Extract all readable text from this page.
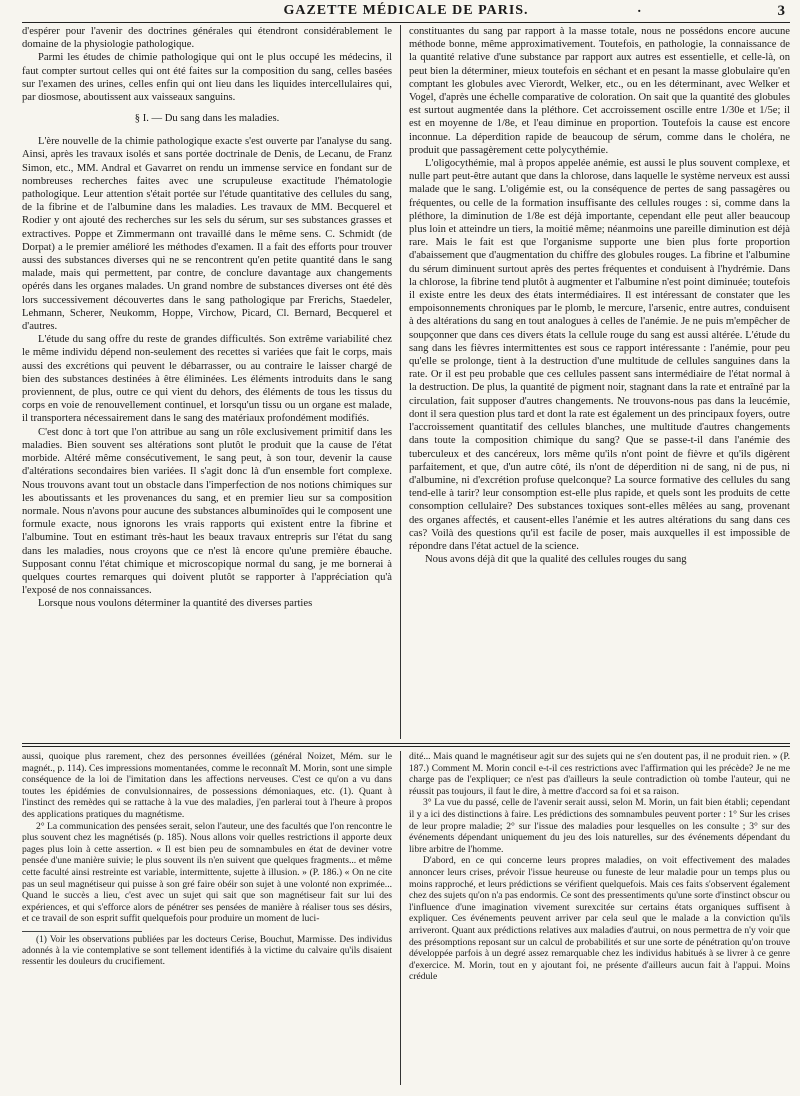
GAZETTE MÉDICALE DE PARIS.	.	3

d'espérer pour l'avenir des doctrines générales qui étendront considérablement le domaine de la physiologie pathologique.

Parmi les études de chimie pathologique qui ont le plus occupé les médecins, il faut compter surtout celles qui ont été faites sur la composition du sang, celles basées sur l'examen des urines, celles enfin qui ont lieu dans les liquides intercellulaires qui, par diosmose, aboutissent aux vaisseaux sanguins.

§ I. — Du sang dans les maladies.

L'ère nouvelle de la chimie pathologique exacte s'est ouverte par l'analyse du sang. Ainsi, après les travaux isolés et sans portée doctrinale de Denis, de Lecanu, de Franz Simon, etc., MM. Andral et Gavarret on rendu un immense service en fondant sur de nombreuses recherches faites avec une scrupuleuse exactitude l'hématologie pathologique. Leur attention s'était portée sur l'étude quantitative des cellules du sang, de la fibrine et de l'albumine dans les maladies. Les travaux de MM. Becquerel et Rodier y ont ajouté des recherches sur les sels du sérum, sur ses substances grasses et extractives. Poppe et Zimmermann ont travaillé dans le même sens. C. Schmidt (de Dorpat) a le premier amélioré les méthodes d'examen. Il a fait des efforts pour trouver aussi des substances diverses qui ne se rencontrent qu'en petite quantité dans le sang malade, mais qui permettent, par contre, de conclure davantage aux changements opérés dans les organes malades. Un grand nombre de substances diverses ont été dès lors successivement découvertes dans le sang pathologique par Frerichs, Staedeler, Lehmann, Scherer, Neukomm, Hoppe, Virchow, Picard, Cl. Bernard, Becquerel et d'autres.

L'étude du sang offre du reste de grandes difficultés. Son extrême variabilité chez le même individu dépend non-seulement des recettes si variées que fait le corps, mais aussi des excrétions qui peuvent le débarrasser, ou au contraire le laisser chargé de bien des substances destinées à être éliminées. Les éléments introduits dans le sang proviennent, de plus, outre ce qui vient du dehors, des éléments de tous les tissus du corps en voie de renouvellement continuel, et lorsqu'un tissu ou un organe est malade, il transportera nécessairement dans le sang des matériaux profondément modifiés.

C'est donc à tort que l'on attribue au sang un rôle exclusivement primitif dans les maladies. Bien souvent ses altérations sont plutôt le produit que la cause de l'état morbide. Altéré même consécutivement, le sang peut, à son tour, devenir la cause d'altérations secondaires bien variées. Il s'agit donc là d'un ensemble fort complexe. Nous trouvons avant tout un obstacle dans l'imperfection de nos notions chimiques sur les aboutissants et les provenances du sang, et en premier lieu sur sa composition normale. Nous n'avons pour aucune des substances albuminoïdes qui le composent une formule exacte, nous ignorons les vrais rapports qui existent entre la fibrine et l'albumine. Tout en estimant très-haut les beaux travaux entrepris sur l'état du sang dans les maladies, nous croyons que ce n'est là encore qu'une première ébauche. Supposant connu l'état chimique et microscopique normal du sang, je me bornerai à quelques courtes remarques qui doivent plutôt se rapporter à l'appréciation qu'à l'exposé de nos connaissances.

Lorsque nous voulons déterminer la quantité des diverses parties

constituantes du sang par rapport à la masse totale, nous ne possédons encore aucune méthode bonne, même approximativement. Toutefois, en pathologie, la connaissance de la quantité relative d'une substance par rapport aux autres est essentielle, et celle-là, on peut bien la déterminer, mieux toutefois en séchant et en pesant la masse globulaire qu'en comptant les globules avec Vierordt, Welker, etc., ou en les déterminant, avec Welker et Vogel, d'après une échelle comparative de coloration. On sait que la quantité des globules est surtout augmentée dans la pléthore. Cet accroissement oscille entre 1/30e et 1/5e; il est en moyenne de 1/8e, et l'eau diminue en proportion. Toutefois la cause est encore inconnue. La déperdition rapide de beaucoup de sérum, comme dans le choléra, ne produit que passagèrement cette polycythémie.

L'oligocythémie, mal à propos appelée anémie, est aussi le plus souvent complexe, et nulle part peut-être autant que dans la chlorose, dans laquelle le système nerveux est aussi malade que le sang. L'oligémie est, ou la conséquence de pertes de sang passagères ou fréquentes, ou celle de la formation insuffisante des cellules rouges : si, comme dans la pléthore, la diminution de 1/8e est déjà importante, cependant elle peut aller beaucoup plus loin et atteindre un tiers, la moitié même; néanmoins une pareille diminution est déjà rare. Mais le fait est que l'organisme supporte une bien plus forte proportion d'abaissement que d'augmentation du chiffre des globules rouges. La fibrine et l'albumine du sérum diminuent surtout après des pertes fréquentes et conduisent à l'hydrémie. Dans la chlorose, la fibrine tend plutôt à augmenter et l'albumine n'est point diminuée; toutefois il existe entre les deux des états intermédiaires. Il est intéressant de constater que les empoisonnements chroniques par le plomb, le mercure, l'arsenic, entre autres, conduisent à des altérations du sang en tout analogues à celles de l'anémie. Je ne puis m'empêcher de soupçonner que dans ces divers états la cellule rouge du sang est aussi altérée. L'étude du sang dans les fièvres intermittentes est sous ce rapport intéressante : l'anémie, pour peu qu'elle se prolonge, tient à la destruction d'une multitude de cellules sanguines dans la rate. Or il est peu probable que ces cellules passent sans intermédiaire de l'état normal à la destruction. De plus, la quantité de pigment noir, stagnant dans la rate et entraîné par la circulation, fait supposer d'autres changements. Ne trouvons-nous pas dans la leucémie, dont il sera question plus tard et dont la rate est également un des principaux foyers, outre l'accroissement quantitatif des cellules blanches, une multitude d'autres changements dans toute la composition chimique du sang? Que se passe-t-il dans l'anémie des tuberculeux et des cancéreux, lors même qu'ils n'ont point de fièvre et qu'ils digèrent parfaitement, et que, d'un autre côté, ils n'ont de déperdition ni de sang, ni de pus, ni d'albumine, ni d'excrétion profuse quelconque? La source formative des cellules du sang tend-elle à tarir? leur consomption est-elle plus rapide, et quels sont les produits de cette consomption cellulaire? Des substances toxiques sont-elles mêlées au sang, provenant des organes affectés, et causent-elles l'anémie et les autres altérations du sang dans ces cas? Voilà des questions qu'il est facile de poser, mais auxquelles il est impossible de répondre dans l'état actuel de la science.

Nous avons déjà dit que la qualité des cellules rouges du sang

aussi, quoique plus rarement, chez des personnes éveillées (général Noizet, Mém. sur le magnét., p. 114). Ces impressions momentanées, comme le reconnaît M. Morin, sont une simple conséquence de la loi de l'imitation dans les affections nerveuses. C'est ce qu'on a vu dans toutes les épidémies de convulsionnaires, de possessions démoniaques, etc. (1). Quant à l'instinct des remèdes qui se rattache à la vue des maladies, j'en parlerai tout à l'heure à propos des applications pratiques du magnétisme.

2° La communication des pensées serait, selon l'auteur, une des facultés que l'on rencontre le plus souvent chez les magnétisés (p. 185). Nous allons voir quelles restrictions il apporte deux pages plus loin à cette assertion. « Il est bien peu de somnambules en état de deviner votre pensée d'une manière suivie; le plus souvent ils n'en suivent que quelques fragments... et même cette faculté ainsi restreinte est variable, intermittente, sujette à illusion. » (P. 186.) « On ne cite pas un seul magnétiseur qui puisse à son gré faire obéir son sujet à une volonté non exprimée... Quand le succès a lieu, c'est avec un sujet qui sait que son magnétiseur fait sur lui des expériences, et qui s'efforce alors de pénétrer ses pensées de manière à réaliser tous ses désirs, et ce travail de son esprit suffit quelquefois pour produire un moment de luci-

(1) Voir les observations publiées par les docteurs Cerise, Bouchut, Marmisse. Des individus adonnés à la vie contemplative se sont tellement identifiés à la victime du calvaire qu'ils disaient ressentir les douleurs du crucifiement.

dité... Mais quand le magnétiseur agit sur des sujets qui ne s'en doutent pas, il ne produit rien. » (P. 187.) Comment M. Morin concil e-t-il ces restrictions avec l'affirmation qui les précède? Je ne me charge pas de l'expliquer; ce n'est pas d'ailleurs la seule contradiction où tombe l'auteur, qui ne réussit pas toujours, il faut le dire, à mettre d'accord sa foi et sa raison.

3° La vue du passé, celle de l'avenir serait aussi, selon M. Morin, un fait bien établi; cependant il y a ici des distinctions à faire. Les prédictions des somnambules peuvent porter : 1° Sur les crises de leur propre maladie; 2° sur l'issue des maladies pour lesquelles on les consulte ; 3° sur des événements dépendant uniquement du jeu des lois naturelles, sur des événements dépendant du libre arbitre de l'homme.

D'abord, en ce qui concerne leurs propres maladies, on voit effectivement des malades annoncer leurs crises, prévoir l'issue heureuse ou funeste de leur maladie pour un temps plus ou moins rapproché, et leurs prédictions se vérifient quelquefois. Mais ces faits s'observent également chez des sujets qu'on n'a pas endormis. Ce sont des pressentiments qu'une sorte d'instinct obscur ou l'influence d'une imagination vivement surexcitée sur certains états organiques suffisent à expliquer. Ces événements peuvent arriver par cela seul que le malade a la conviction qu'ils arriveront. Quant aux prédictions relatives aux maladies d'autrui, on nous permettra de n'y voir que des présomptions reposant sur un calcul de probabilités et sur une sorte de pénétration qu'on trouve développée parfois à un degré assez remarquable chez les individus habitués à se livrer à ce genre d'exercice. M. Morin, tout en y ajoutant foi, ne présente d'ailleurs aucun fait à l'appui. Moins crédule
